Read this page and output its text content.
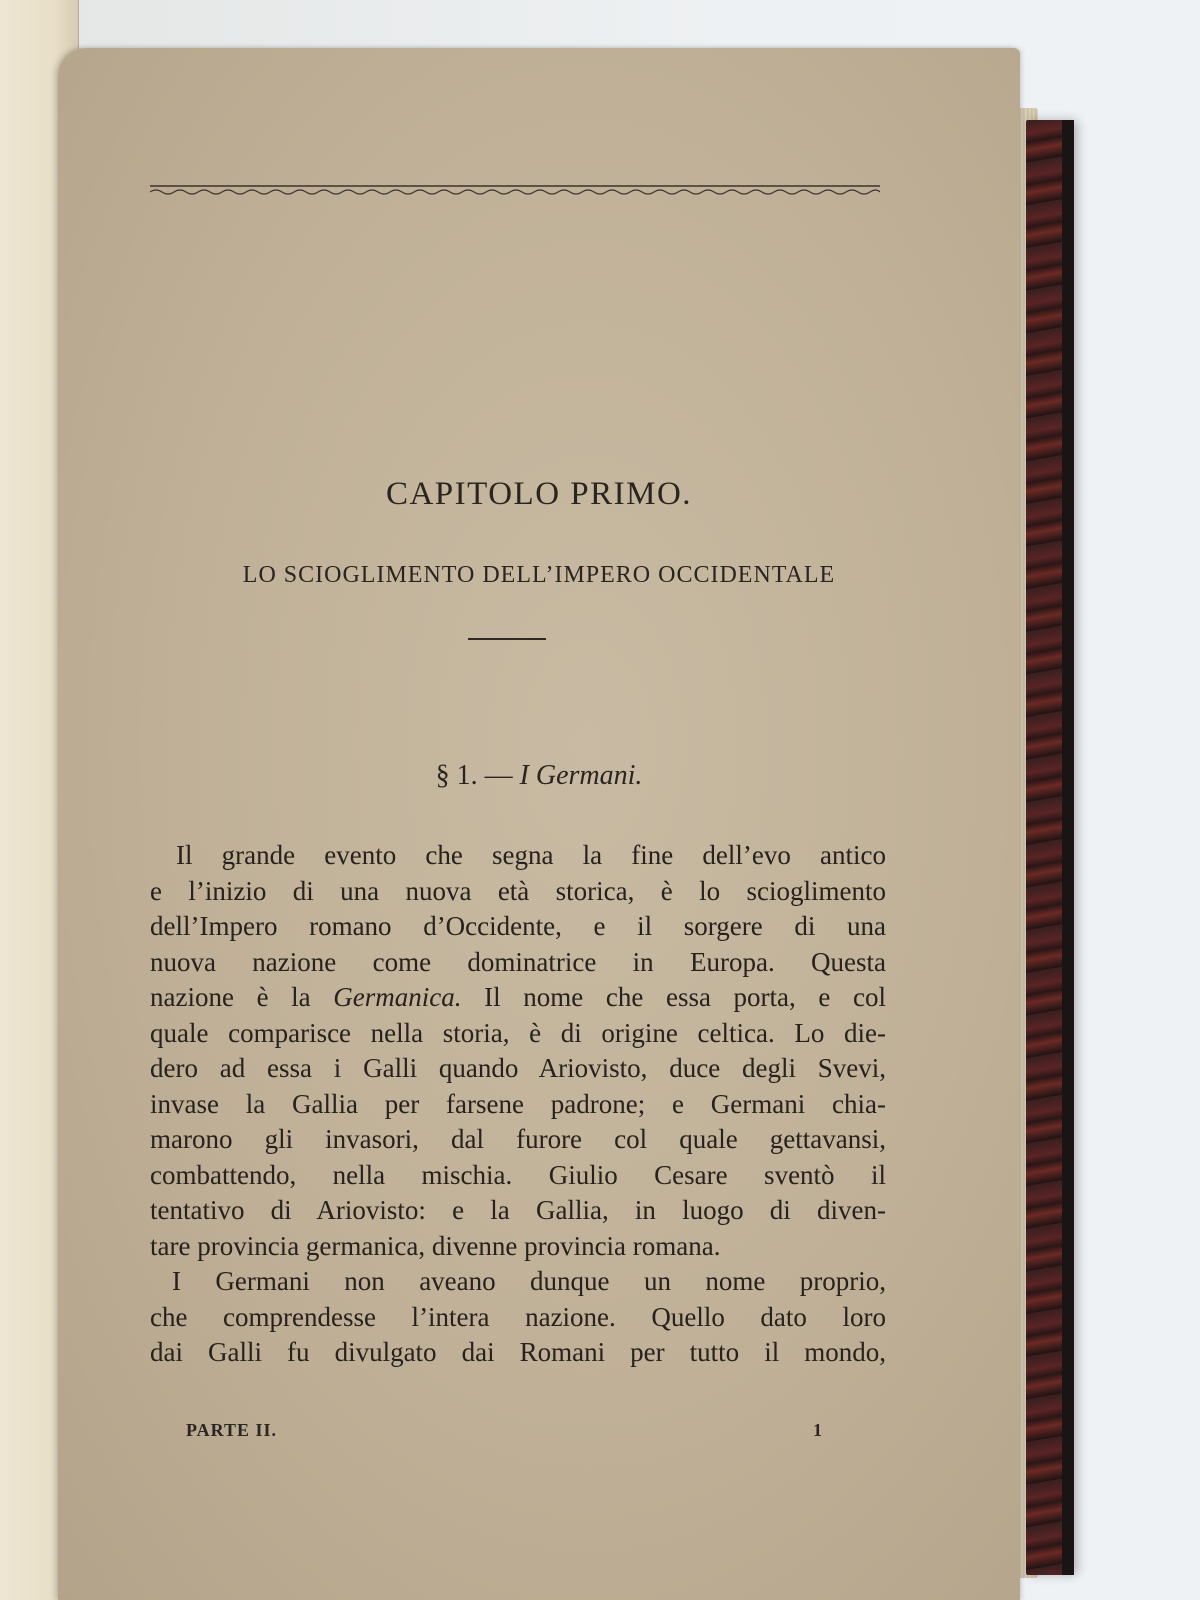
CAPITOLO PRIMO.
LO SCIOGLIMENTO DELL’IMPERO OCCIDENTALE
§ 1. — I Germani.
Il grande evento che segna la fine dell’evo antico
e l’inizio di una nuova età storica, è lo scioglimento
dell’Impero romano d’Occidente, e il sorgere di una
nuova nazione come dominatrice in Europa. Questa
nazione è la Germanica. Il nome che essa porta, e col
quale comparisce nella storia, è di origine celtica. Lo die-
dero ad essa i Galli quando Ariovisto, duce degli Svevi,
invase la Gallia per farsene padrone; e Germani chia-
marono gli invasori, dal furore col quale gettavansi,
combattendo, nella mischia. Giulio Cesare sventò il
tentativo di Ariovisto: e la Gallia, in luogo di diven-
tare provincia germanica, divenne provincia romana.
I Germani non aveano dunque un nome proprio,
che comprendesse l’intera nazione. Quello dato loro
dai Galli fu divulgato dai Romani per tutto il mondo,
PARTE II.	1
